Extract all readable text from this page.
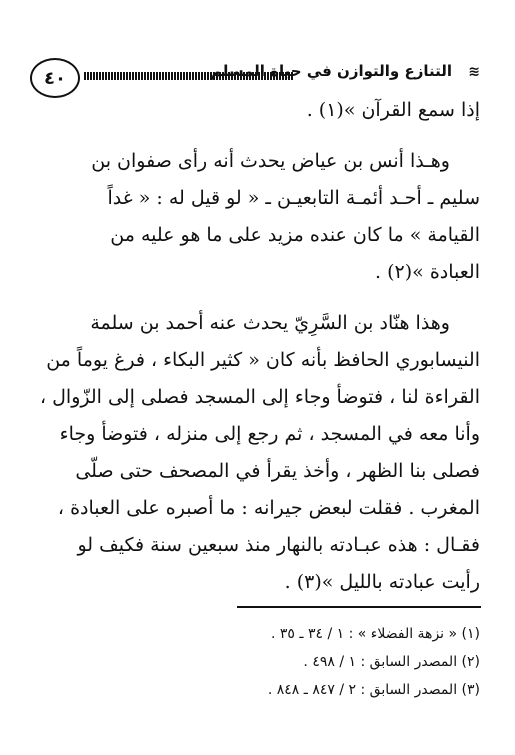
٤٠	التنازع والتوازن في حياة المسلم ≋

إذا سمع القرآن »(١) .

وهـذا أنس بن عياض يحدث أنه رأى صفوان بن

سليم ـ أحـد أئمـة التابعيـن ـ « لو قيل له : « غداً

القيامة » ما كان عنده مزيد على ما هو عليه من

العبادة »(٢) .

وهذا هنّاد بن السَّرِيّ يحدث عنه أحمد بن سلمة

النيسابوري الحافظ بأنه كان « كثير البكاء ، فرغ يوماً من

القراءة لنا ، فتوضأ وجاء إلى المسجد فصلى إلى الزّوال ،

وأنا معه في المسجد ، ثم رجع إلى منزله ، فتوضأ وجاء

فصلى بنا الظهر ، وأخذ يقرأ في المصحف حتى صلّى

المغرب . فقلت لبعض جيرانه : ما أصبره على العبادة ،

فقـال : هذه عبـادته بالنهار منذ سبعين سنة فكيف لو

رأيت عبادته بالليل »(٣) .

(١) « نزهة الفضلاء » : ١ / ٣٤ ـ ٣٥ .
(٢) المصدر السابق : ١ / ٤٩٨ .
(٣) المصدر السابق : ٢ / ٨٤٧ ـ ٨٤٨ .
